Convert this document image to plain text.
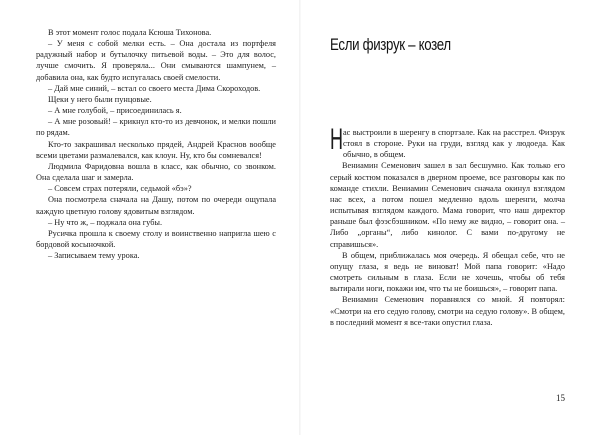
В этот момент голос подала Ксюша Тихонова.

– У меня с собой мелки есть. – Она достала из портфеля радужный набор и бутылочку питьевой воды. – Это для волос, лучше смочить. Я проверяла... Они смываются шампунем, – добавила она, как будто испугалась своей смелости.

– Дай мне синий, – встал со своего места Дима Скороходов.

Щеки у него были пунцовые.

– А мне голубой, – присоединилась я.

– А мне розовый! – крикнул кто-то из девчонок, и мелки пошли по рядам.

Кто-то закрашивал несколько прядей, Андрей Краснов вообще всеми цветами размалевался, как клоун. Ну, кто бы сомневался!

Людмила Фаридовна вошла в класс, как обычно, со звонком. Она сделала шаг и замерла.

– Совсем страх потеряли, седьмой «бэ»?

Она посмотрела сначала на Дашу, потом по очереди ощупала каждую цветную голову ядовитым взглядом.

– Ну что ж, – поджала она губы.

Русичка прошла к своему столу и воинственно напригла шею с бордовой косыночкой.

– Записываем тему урока.

Если физрук – козел

Нас выстроили в шеренгу в спортзале. Как на расстрел. Физрук стоял в стороне. Руки на груди, взгляд как у людоеда. Как обычно, в общем.

Вениамин Семенович зашел в зал бесшумно. Как только его серый костюм показался в дверном проеме, все разговоры как по команде стихли. Вениамин Семенович сначала окинул взглядом нас всех, а потом пошел медленно вдоль шеренги, молча испытывая взглядом каждого. Мама говорит, что наш директор раньше был фээсбэшником. «По нему же видно, – говорит она. – Либо „органы“, либо кинолог. С вами по-другому не справишься».

В общем, приближалась моя очередь. Я обещал себе, что не опущу глаза, я ведь не виноват! Мой папа говорит: «Надо смотреть сильным в глаза. Если не хочешь, чтобы об тебя вытирали ноги, покажи им, что ты не боишься», – говорит папа.

Вениамин Семенович поравнялся со мной. Я повторял: «Смотри на его седую голову, смотри на седую голову». В общем, в последний момент я все-таки опустил глаза.

15
